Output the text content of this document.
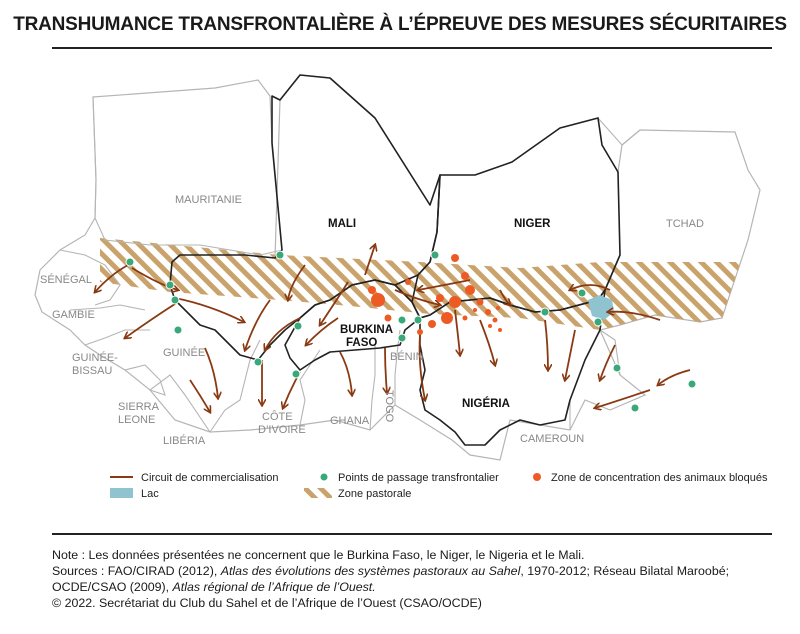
TRANSHUMANCE TRANSFRONTALIÈRE À L’ÉPREUVE DES MESURES SÉCURITAIRES
MAURITANIE
MALI	NIGER	TCHAD
SÉNÉGAL
GAMBIE
GUINÉE-
BISSAU
GUINÉE
SIERRA
LEONE
LIBÉRIA
CÔTE
D’IVOIRE
GHANA TOGO
BÉNIN
BURKINA
FASO
NIGÉRIA
CAMEROUN
Circuit de commercialisation	Points de passage transfrontalier	Zone de concentration des animaux bloqués
Lac	Zone pastorale
Note : Les données présentées ne concernent que le Burkina Faso, le Niger, le Nigeria et le Mali.
Sources : FAO/CIRAD (2012), Atlas des évolutions des systèmes pastoraux au Sahel, 1970-2012; Réseau Bilatal Maroobé;
OCDE/CSAO (2009), Atlas régional de l’Afrique de l’Ouest.
© 2022. Secrétariat du Club du Sahel et de l’Afrique de l’Ouest (CSAO/OCDE)
